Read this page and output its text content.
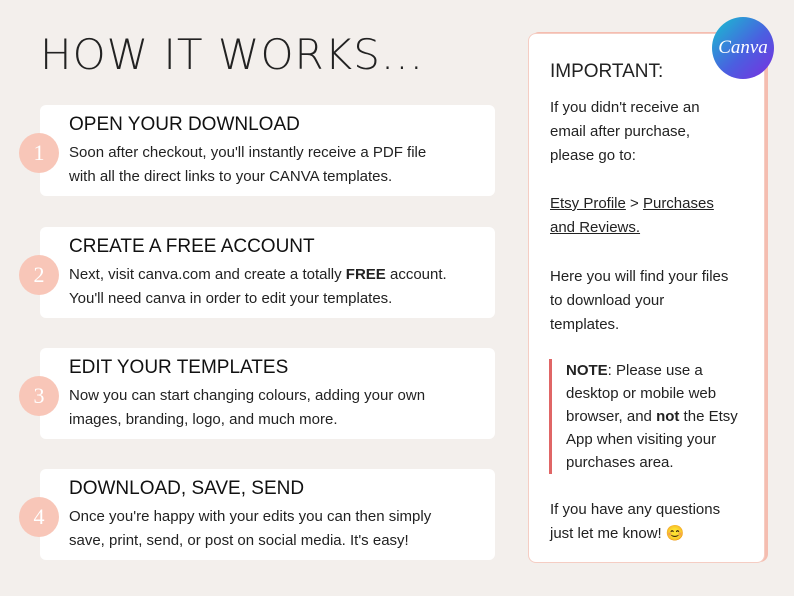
HOW IT WORKS...
1
OPEN YOUR DOWNLOAD
Soon after checkout, you'll instantly receive a PDF file
with all the direct links to your CANVA templates.
2
CREATE A FREE ACCOUNT
Next, visit canva.com and create a totally FREE account.
You'll need canva in order to edit your templates.
3
EDIT YOUR TEMPLATES
Now you can start changing colours, adding your own
images, branding, logo, and much more.
4
DOWNLOAD, SAVE, SEND
Once you're happy with your edits you can then simply
save, print, send, or post on social media. It's easy!
IMPORTANT:
If you didn't receive an
email after purchase,
please go to:
Etsy Profile > Purchases
and Reviews.
Here you will find your files
to download your
templates.
NOTE: Please use a
desktop or mobile web
browser, and not the Etsy
App when visiting your
purchases area.
If you have any questions
just let me know! 😊
Canva
